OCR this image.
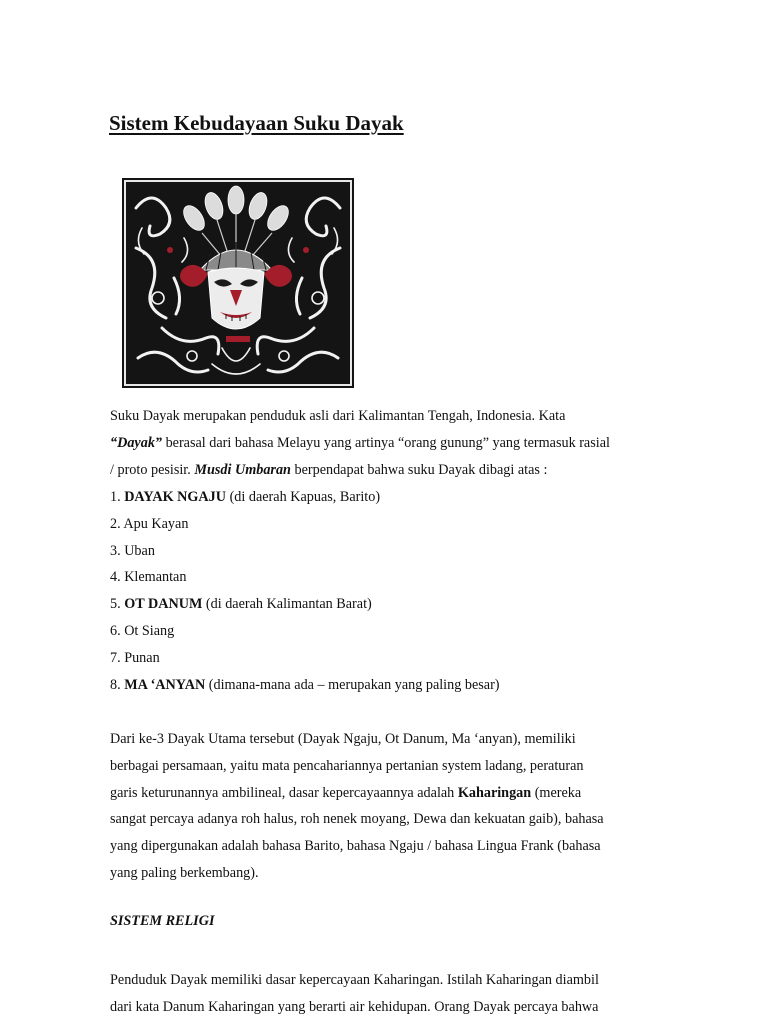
Sistem Kebudayaan Suku Dayak
Suku Dayak merupakan penduduk asli dari Kalimantan Tengah, Indonesia. Kata
“Dayak” berasal dari bahasa Melayu yang artinya “orang gunung” yang termasuk rasial
/ proto pesisir. Musdi Umbaran berpendapat bahwa suku Dayak dibagi atas :
1. DAYAK NGAJU (di daerah Kapuas, Barito)
2. Apu Kayan
3. Uban
4. Klemantan
5. OT DANUM (di daerah Kalimantan Barat)
6. Ot Siang
7. Punan
8. MA ‘ANYAN (dimana-mana ada – merupakan yang paling besar)
Dari ke-3 Dayak Utama tersebut (Dayak Ngaju, Ot Danum, Ma ‘anyan), memiliki
berbagai persamaan, yaitu mata pencahariannya pertanian system ladang, peraturan
garis keturunannya ambilineal, dasar kepercayaannya adalah Kaharingan (mereka
sangat percaya adanya roh halus, roh nenek moyang, Dewa dan kekuatan gaib), bahasa
yang dipergunakan adalah bahasa Barito, bahasa Ngaju / bahasa Lingua Frank (bahasa
yang paling berkembang).
SISTEM RELIGI
Penduduk Dayak memiliki dasar kepercayaan Kaharingan. Istilah Kaharingan diambil
dari kata Danum Kaharingan yang berarti air kehidupan. Orang Dayak percaya bahwa
